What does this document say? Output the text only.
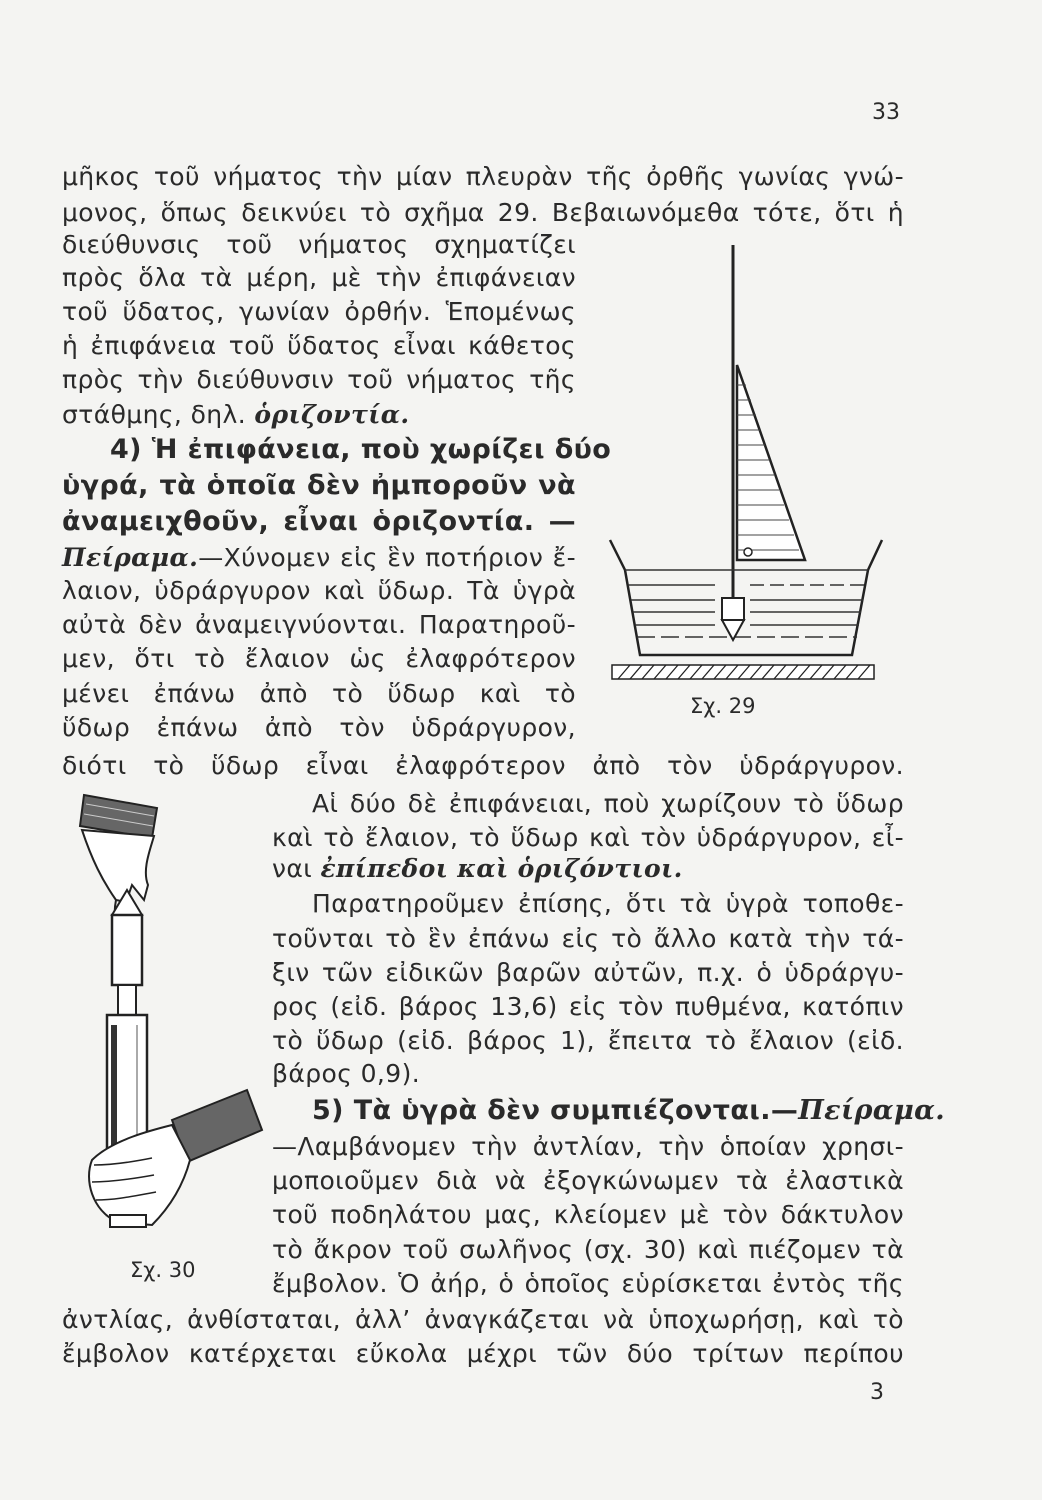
33
μῆκος τοῦ νήματος τὴν μίαν πλευρὰν τῆς ὀρθῆς γωνίας γνώ-
μονος, ὅπως δεικνύει τὸ σχῆμα 29. Βεβαιωνόμεθα τότε, ὅτι ἡ
διεύθυνσις τοῦ νήματος σχηματίζει
πρὸς ὅλα τὰ μέρη, μὲ τὴν ἐπιφάνειαν
τοῦ ὕδατος, γωνίαν ὀρθήν. Ἑπομένως
ἡ ἐπιφάνεια τοῦ ὕδατος εἶναι κάθετος
πρὸς τὴν διεύθυνσιν τοῦ νήματος τῆς
στάθμης, δηλ. ὁριζοντία.
4) Ἡ ἐπιφάνεια, ποὺ χωρίζει δύο
ὑγρά, τὰ ὁποῖα δὲν ἠμποροῦν νὰ
ἀναμειχθοῦν, εἶναι ὁριζοντία. —
Πείραμα.—Χύνομεν εἰς ἓν ποτήριον ἔ-
λαιον, ὑδράργυρον καὶ ὕδωρ. Τὰ ὑγρὰ
αὐτὰ δὲν ἀναμειγνύονται. Παρατηροῦ-
μεν, ὅτι τὸ ἔλαιον ὡς ἐλαφρότερον
μένει ἐπάνω ἀπὸ τὸ ὕδωρ καὶ τὸ
ὕδωρ ἐπάνω ἀπὸ τὸν ὑδράργυρον,
διότι τὸ ὕδωρ εἶναι ἐλαφρότερον ἀπὸ τὸν ὑδράργυρον.
Αἱ δύο δὲ ἐπιφάνειαι, ποὺ χωρίζουν τὸ ὕδωρ
καὶ τὸ ἔλαιον, τὸ ὕδωρ καὶ τὸν ὑδράργυρον, εἶ-
ναι ἐπίπεδοι καὶ ὁριζόντιοι.
Παρατηροῦμεν ἐπίσης, ὅτι τὰ ὑγρὰ τοποθε-
τοῦνται τὸ ἓν ἐπάνω εἰς τὸ ἄλλο κατὰ τὴν τά-
ξιν τῶν εἰδικῶν βαρῶν αὐτῶν, π.χ. ὁ ὑδράργυ-
ρος (εἰδ. βάρος 13,6) εἰς τὸν πυθμένα, κατόπιν
τὸ ὕδωρ (εἰδ. βάρος 1), ἔπειτα τὸ ἔλαιον (εἰδ.
βάρος 0,9).
5) Τὰ ὑγρὰ δὲν συμπιέζονται.—Πείραμα.
—Λαμβάνομεν τὴν ἀντλίαν, τὴν ὁποίαν χρησι-
μοποιοῦμεν διὰ νὰ ἐξογκώνωμεν τὰ ἐλαστικὰ
τοῦ ποδηλάτου μας, κλείομεν μὲ τὸν δάκτυλον
τὸ ἄκρον τοῦ σωλῆνος (σχ. 30) καὶ πιέζομεν τὰ
ἔμβολον. Ὁ ἀήρ, ὁ ὁποῖος εὑρίσκεται ἐντὸς τῆς
ἀντλίας, ἀνθίσταται, ἀλλ’ ἀναγκάζεται νὰ ὑποχωρήσῃ, καὶ τὸ
ἔμβολον κατέρχεται εὔκολα μέχρι τῶν δύο τρίτων περίπου
3
Σχ. 29
Σχ. 30
